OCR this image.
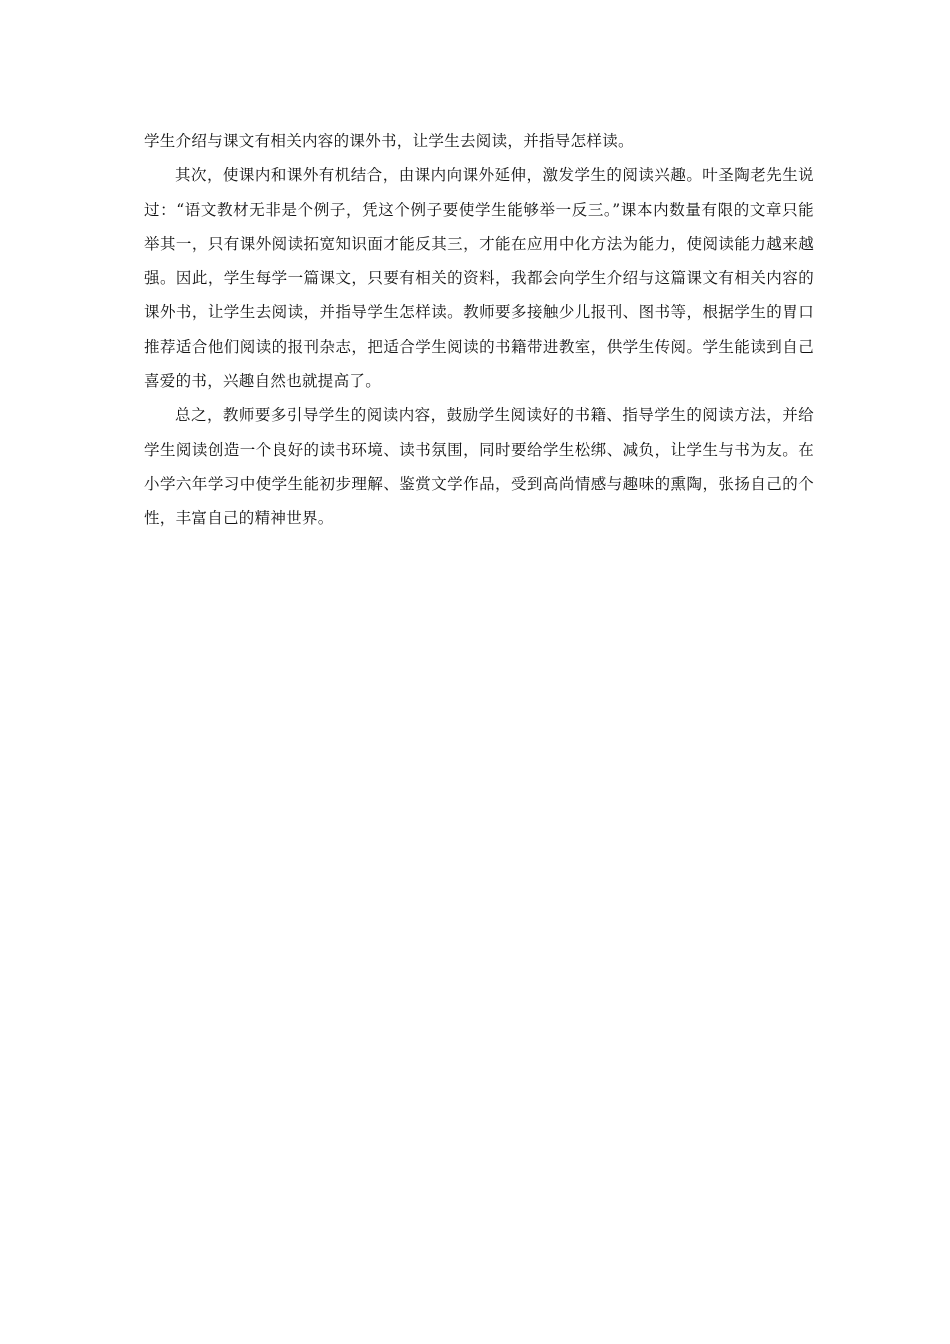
学生介绍与课文有相关内容的课外书，让学生去阅读，并指导怎样读。

其次，使课内和课外有机结合，由课内向课外延伸，激发学生的阅读兴趣。叶圣陶老先生说过：“语文教材无非是个例子，凭这个例子要使学生能够举一反三。”课本内数量有限的文章只能举其一，只有课外阅读拓宽知识面才能反其三，才能在应用中化方法为能力，使阅读能力越来越强。因此，学生每学一篇课文，只要有相关的资料，我都会向学生介绍与这篇课文有相关内容的课外书，让学生去阅读，并指导学生怎样读。教师要多接触少儿报刊、图书等，根据学生的胃口推荐适合他们阅读的报刊杂志，把适合学生阅读的书籍带进教室，供学生传阅。学生能读到自己喜爱的书，兴趣自然也就提高了。

总之，教师要多引导学生的阅读内容，鼓励学生阅读好的书籍、指导学生的阅读方法，并给学生阅读创造一个良好的读书环境、读书氛围，同时要给学生松绑、减负，让学生与书为友。在小学六年学习中使学生能初步理解、鉴赏文学作品，受到高尚情感与趣味的熏陶，张扬自己的个性，丰富自己的精神世界。
